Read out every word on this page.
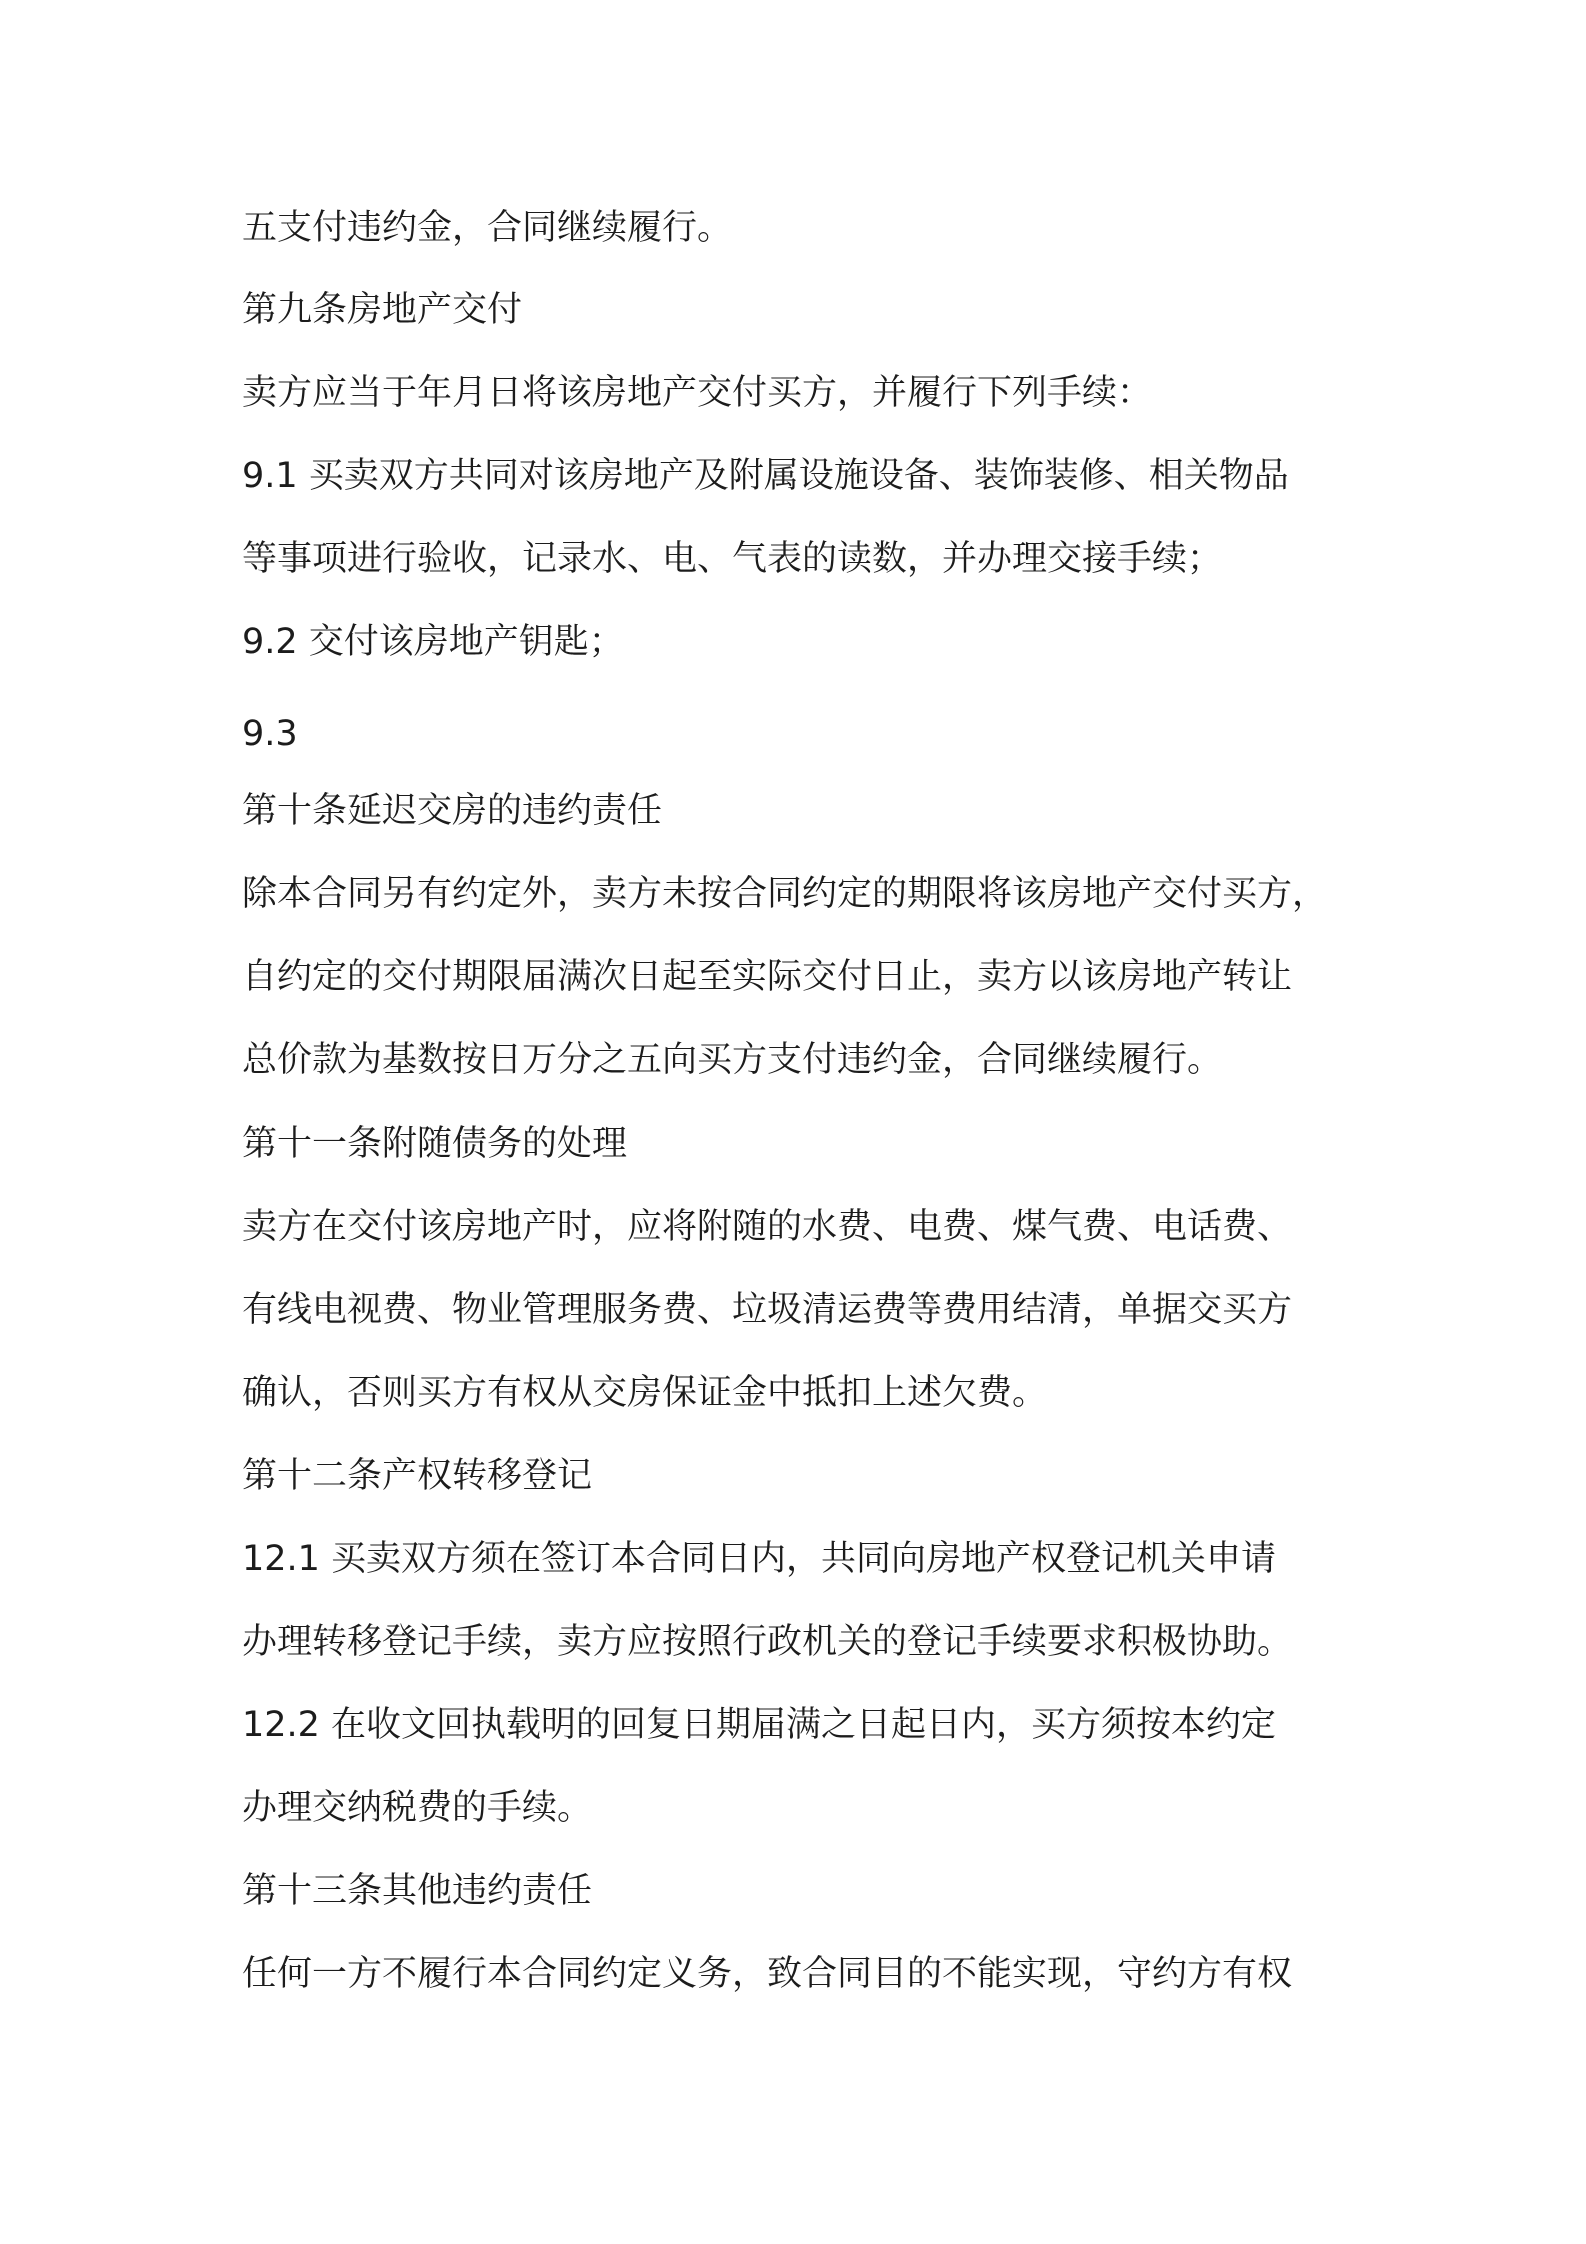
五支付违约金，合同继续履行。

第九条房地产交付

卖方应当于年月日将该房地产交付买方，并履行下列手续：

9.1 买卖双方共同对该房地产及附属设施设备、装饰装修、相关物品

等事项进行验收，记录水、电、气表的读数，并办理交接手续；

9.2 交付该房地产钥匙；

9.3

第十条延迟交房的违约责任

除本合同另有约定外，卖方未按合同约定的期限将该房地产交付买方，

自约定的交付期限届满次日起至实际交付日止，卖方以该房地产转让

总价款为基数按日万分之五向买方支付违约金，合同继续履行。

第十一条附随债务的处理

卖方在交付该房地产时，应将附随的水费、电费、煤气费、电话费、

有线电视费、物业管理服务费、垃圾清运费等费用结清，单据交买方

确认，否则买方有权从交房保证金中抵扣上述欠费。

第十二条产权转移登记

12.1 买卖双方须在签订本合同日内，共同向房地产权登记机关申请

办理转移登记手续，卖方应按照行政机关的登记手续要求积极协助。

12.2 在收文回执载明的回复日期届满之日起日内，买方须按本约定

办理交纳税费的手续。

第十三条其他违约责任

任何一方不履行本合同约定义务，致合同目的不能实现，守约方有权
